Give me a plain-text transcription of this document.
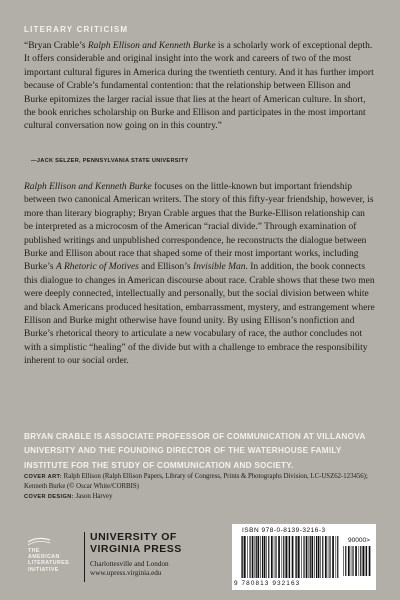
LITERARY CRITICISM
“Bryan Crable’s Ralph Ellison and Kenneth Burke is a scholarly work of exceptional depth. It offers considerable and original insight into the work and careers of two of the most important cultural figures in America during the twentieth century. And it has further import because of Crable’s fundamental contention: that the relationship between Ellison and Burke epitomizes the larger racial issue that lies at the heart of American culture. In short, the book enriches scholarship on Burke and Ellison and participates in the most important cultural conversation now going on in this country.”
—JACK SELZER, PENNSYLVANIA STATE UNIVERSITY
Ralph Ellison and Kenneth Burke focuses on the little-known but important friendship between two canonical American writers. The story of this fifty-year friendship, however, is more than literary biography; Bryan Crable argues that the Burke-Ellison relationship can be interpreted as a microcosm of the American “racial divide.” Through examination of published writings and unpublished correspondence, he reconstructs the dialogue between Burke and Ellison about race that shaped some of their most important works, including Burke’s A Rhetoric of Motives and Ellison’s Invisible Man. In addition, the book connects this dialogue to changes in American discourse about race. Crable shows that these two men were deeply connected, intellectually and personally, but the social division between white and black Americans produced hesitation, embarrassment, mystery, and estrangement where Ellison and Burke might otherwise have found unity. By using Ellison’s nonfiction and Burke’s rhetorical theory to articulate a new vocabulary of race, the author concludes not with a simplistic “healing” of the divide but with a challenge to embrace the responsibility inherent to our social order.
BRYAN CRABLE IS ASSOCIATE PROFESSOR OF COMMUNICATION AT VILLANOVA UNIVERSITY AND THE FOUNDING DIRECTOR OF THE WATERHOUSE FAMILY INSTITUTE FOR THE STUDY OF COMMUNICATION AND SOCIETY.
COVER ART: Ralph Ellison (Ralph Ellison Papers, Library of Congress, Prints & Photographs Division, LC-USZ62-123456); Kenneth Burke (© Oscar White/CORBIS)
COVER DESIGN: Jason Harvey
THE
AMERICAN
LITERATURES
INITIATIVE
UNIVERSITY OF
VIRGINIA PRESS
Charlottesville and London
www.upress.virginia.edu
ISBN 978-0-8139-3216-3
90000>
9 780813 932163
